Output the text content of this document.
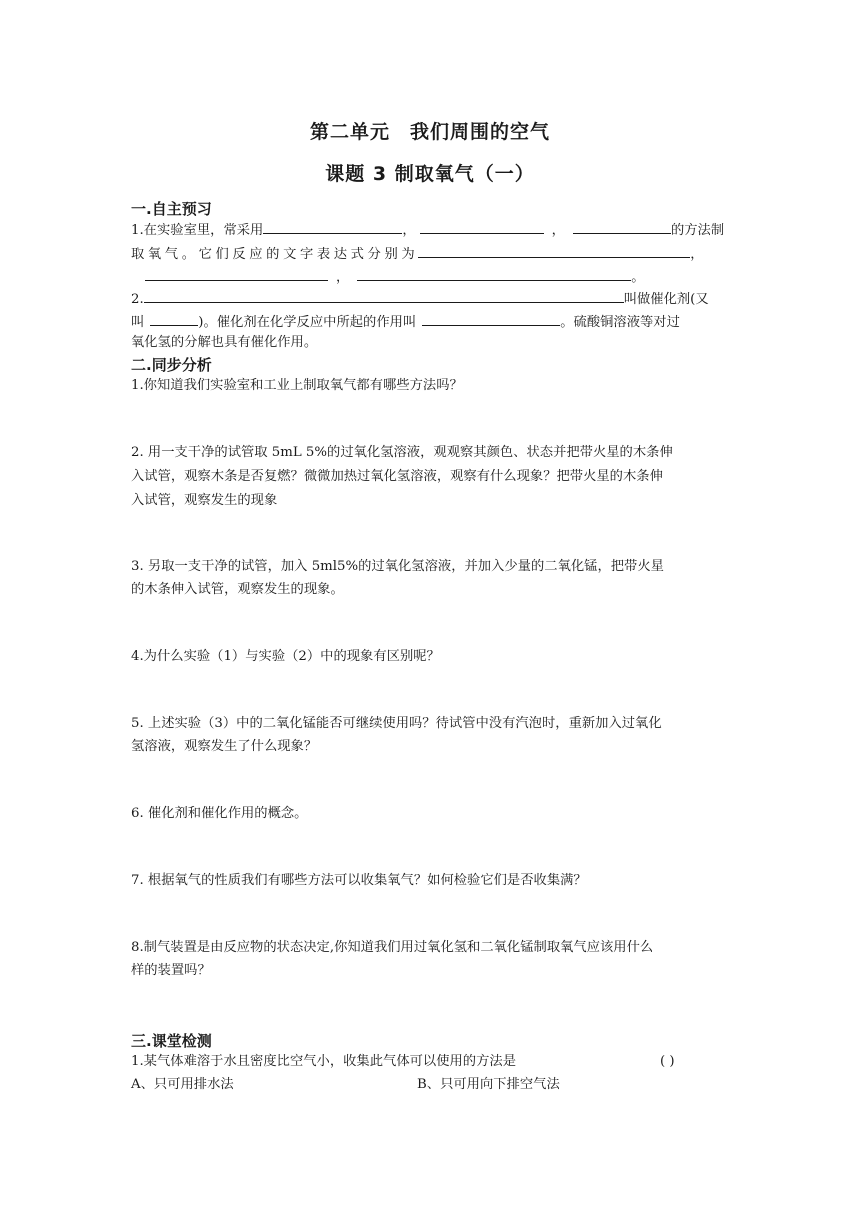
第二单元　我们周围的空气
课题 3 制取氧气（一）
一.自主预习
1.在实验室里，常采用	，	，	的方法制
取氧气。它们反应的文字表达式分别为	，
，	。
2.	叫做催化剂(又
叫	)。催化剂在化学反应中所起的作用叫	。硫酸铜溶液等对过
氧化氢的分解也具有催化作用。
二.同步分析
1.你知道我们实验室和工业上制取氧气都有哪些方法吗？
2. 用一支干净的试管取 5mL 5%的过氧化氢溶液，观观察其颜色、状态并把带火星的木条伸
入试管，观察木条是否复燃？微微加热过氧化氢溶液，观察有什么现象？把带火星的木条伸
入试管，观察发生的现象
3. 另取一支干净的试管，加入 5ml5%的过氧化氢溶液，并加入少量的二氧化锰，把带火星
的木条伸入试管，观察发生的现象。
4.为什么实验（1）与实验（2）中的现象有区别呢？
5. 上述实验（3）中的二氧化锰能否可继续使用吗？待试管中没有汽泡时，重新加入过氧化
氢溶液，观察发生了什么现象？
6. 催化剂和催化作用的概念。
7. 根据氧气的性质我们有哪些方法可以收集氧气？如何检验它们是否收集满？
8.制气装置是由反应物的状态决定,你知道我们用过氧化氢和二氧化锰制取氧气应该用什么
样的装置吗？
三.课堂检测
1.某气体难溶于水且密度比空气小，收集此气体可以使用的方法是	( )
A、只可用排水法	B、只可用向下排空气法
